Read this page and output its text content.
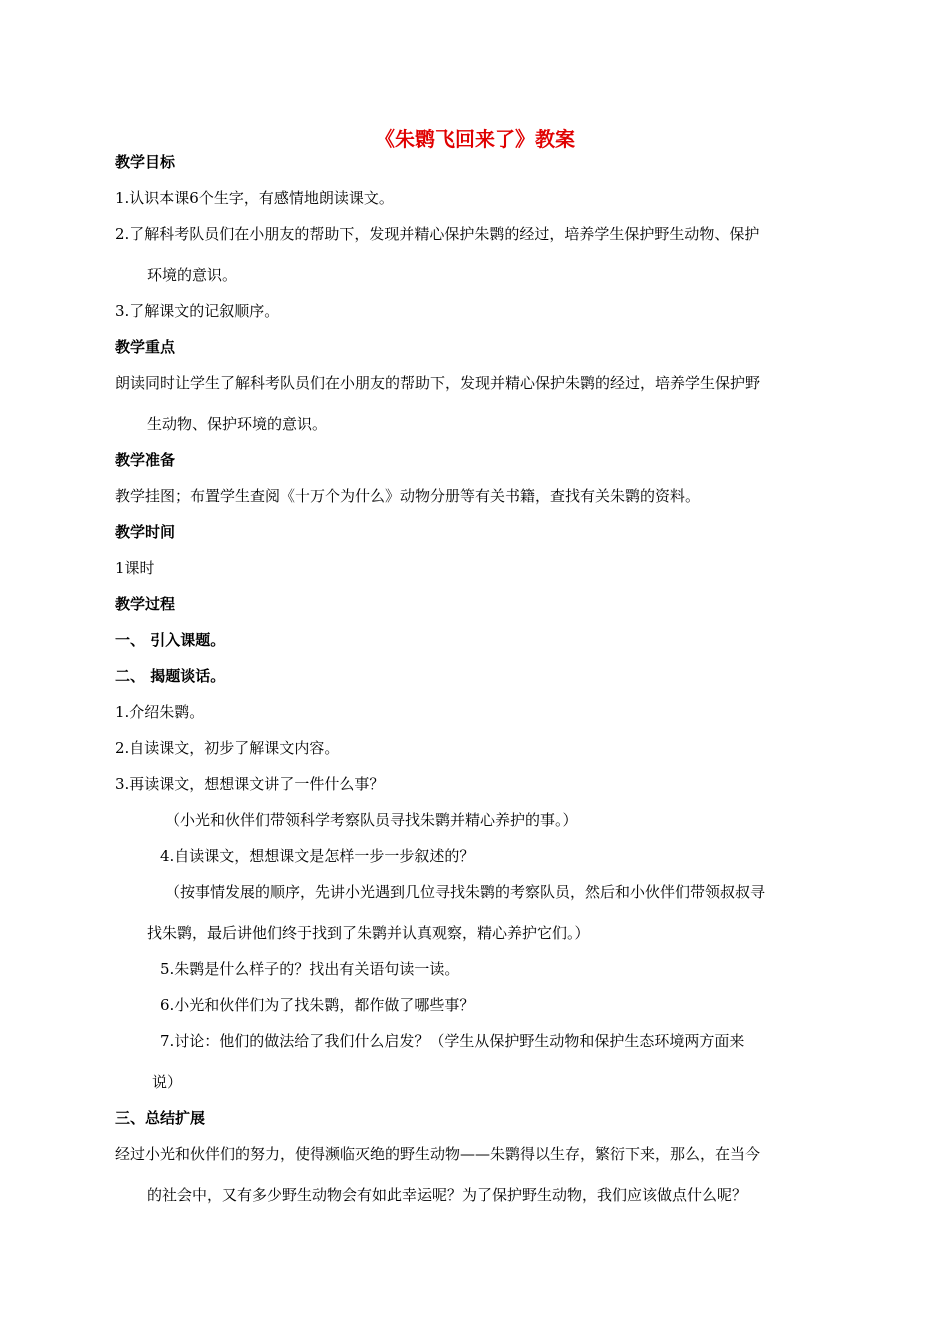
《朱鹮飞回来了》教案
教学目标
1.认识本课6个生字，有感情地朗读课文。
2.了解科考队员们在小朋友的帮助下，发现并精心保护朱鹮的经过，培养学生保护野生动物、保护
环境的意识。
3.了解课文的记叙顺序。
教学重点
朗读同时让学生了解科考队员们在小朋友的帮助下，发现并精心保护朱鹮的经过，培养学生保护野
生动物、保护环境的意识。
教学准备
教学挂图；布置学生查阅《十万个为什么》动物分册等有关书籍，查找有关朱鹮的资料。
教学时间
1课时
教学过程
一、 引入课题。
二、 揭题谈话。
1.介绍朱鹮。
2.自读课文，初步了解课文内容。
3.再读课文，想想课文讲了一件什么事？
（小光和伙伴们带领科学考察队员寻找朱鹮并精心养护的事。）
4.自读课文，想想课文是怎样一步一步叙述的？
（按事情发展的顺序，先讲小光遇到几位寻找朱鹮的考察队员，然后和小伙伴们带领叔叔寻
找朱鹮，最后讲他们终于找到了朱鹮并认真观察，精心养护它们。）
5.朱鹮是什么样子的？找出有关语句读一读。
6.小光和伙伴们为了找朱鹮，都作做了哪些事？
7.讨论：他们的做法给了我们什么启发？（学生从保护野生动物和保护生态环境两方面来
说）
三、总结扩展
经过小光和伙伴们的努力，使得濒临灭绝的野生动物——朱鹮得以生存，繁衍下来，那么，在当今
的社会中，又有多少野生动物会有如此幸运呢？为了保护野生动物，我们应该做点什么呢？
